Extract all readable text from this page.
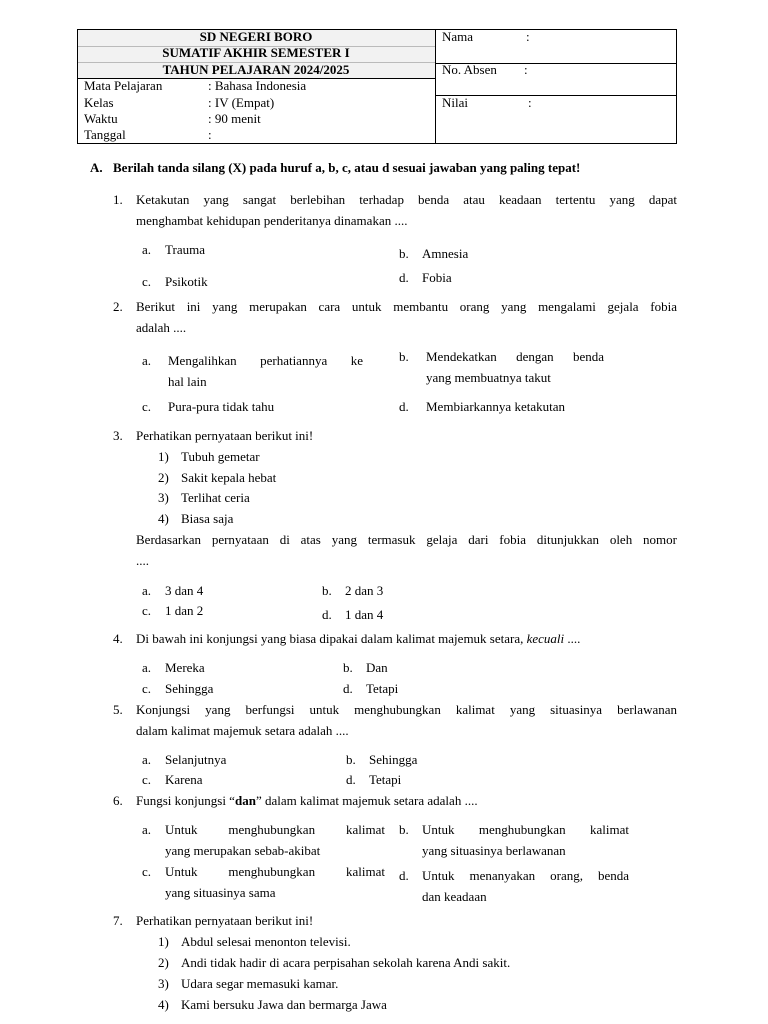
SD NEGERI BORO
SUMATIF AKHIR SEMESTER I
TAHUN PELAJARAN 2024/2025
Mata Pelajaran	: Bahasa Indonesia
Kelas	: IV (Empat)
Waktu	: 90 menit
Tanggal	:
Nama	:
No. Absen :
Nilai	:
A. Berilah tanda silang (X) pada huruf a, b, c, atau d sesuai jawaban yang paling tepat!
1. Ketakutan yang sangat berlebihan terhadap benda atau keadaan tertentu yang dapat
menghambat kehidupan penderitanya dinamakan ....
a. Trauma	b. Amnesia
c. Psikotik	d. Fobia
2. Berikut ini yang merupakan cara untuk membantu orang yang mengalami gejala fobia
adalah ....
a. Mengalihkan perhatiannya ke
hal lain
b. Mendekatkan dengan benda
yang membuatnya takut
c. Pura-pura tidak tahu	d. Membiarkannya ketakutan
3. Perhatikan pernyataan berikut ini!
1) Tubuh gemetar
2) Sakit kepala hebat
3) Terlihat ceria
4) Biasa saja
Berdasarkan pernyataan di atas yang termasuk gelaja dari fobia ditunjukkan oleh nomor
....
a. 3 dan 4	b. 2 dan 3
c. 1 dan 2	d. 1 dan 4
4. Di bawah ini konjungsi yang biasa dipakai dalam kalimat majemuk setara, kecuali ....
a. Mereka	b. Dan
c. Sehingga	d. Tetapi
5. Konjungsi yang berfungsi untuk menghubungkan kalimat yang situasinya berlawanan
dalam kalimat majemuk setara adalah ....
a. Selanjutnya	b. Sehingga
c. Karena	d. Tetapi
6. Fungsi konjungsi “dan” dalam kalimat majemuk setara adalah ....
a. Untuk menghubungkan kalimat
yang merupakan sebab-akibat
b. Untuk menghubungkan kalimat
yang situasinya berlawanan
c. Untuk menghubungkan kalimat
yang situasinya sama
d. Untuk menanyakan orang, benda
dan keadaan
7. Perhatikan pernyataan berikut ini!
1) Abdul selesai menonton televisi.
2) Andi tidak hadir di acara perpisahan sekolah karena Andi sakit.
3) Udara segar memasuki kamar.
4) Kami bersuku Jawa dan bermarga Jawa
